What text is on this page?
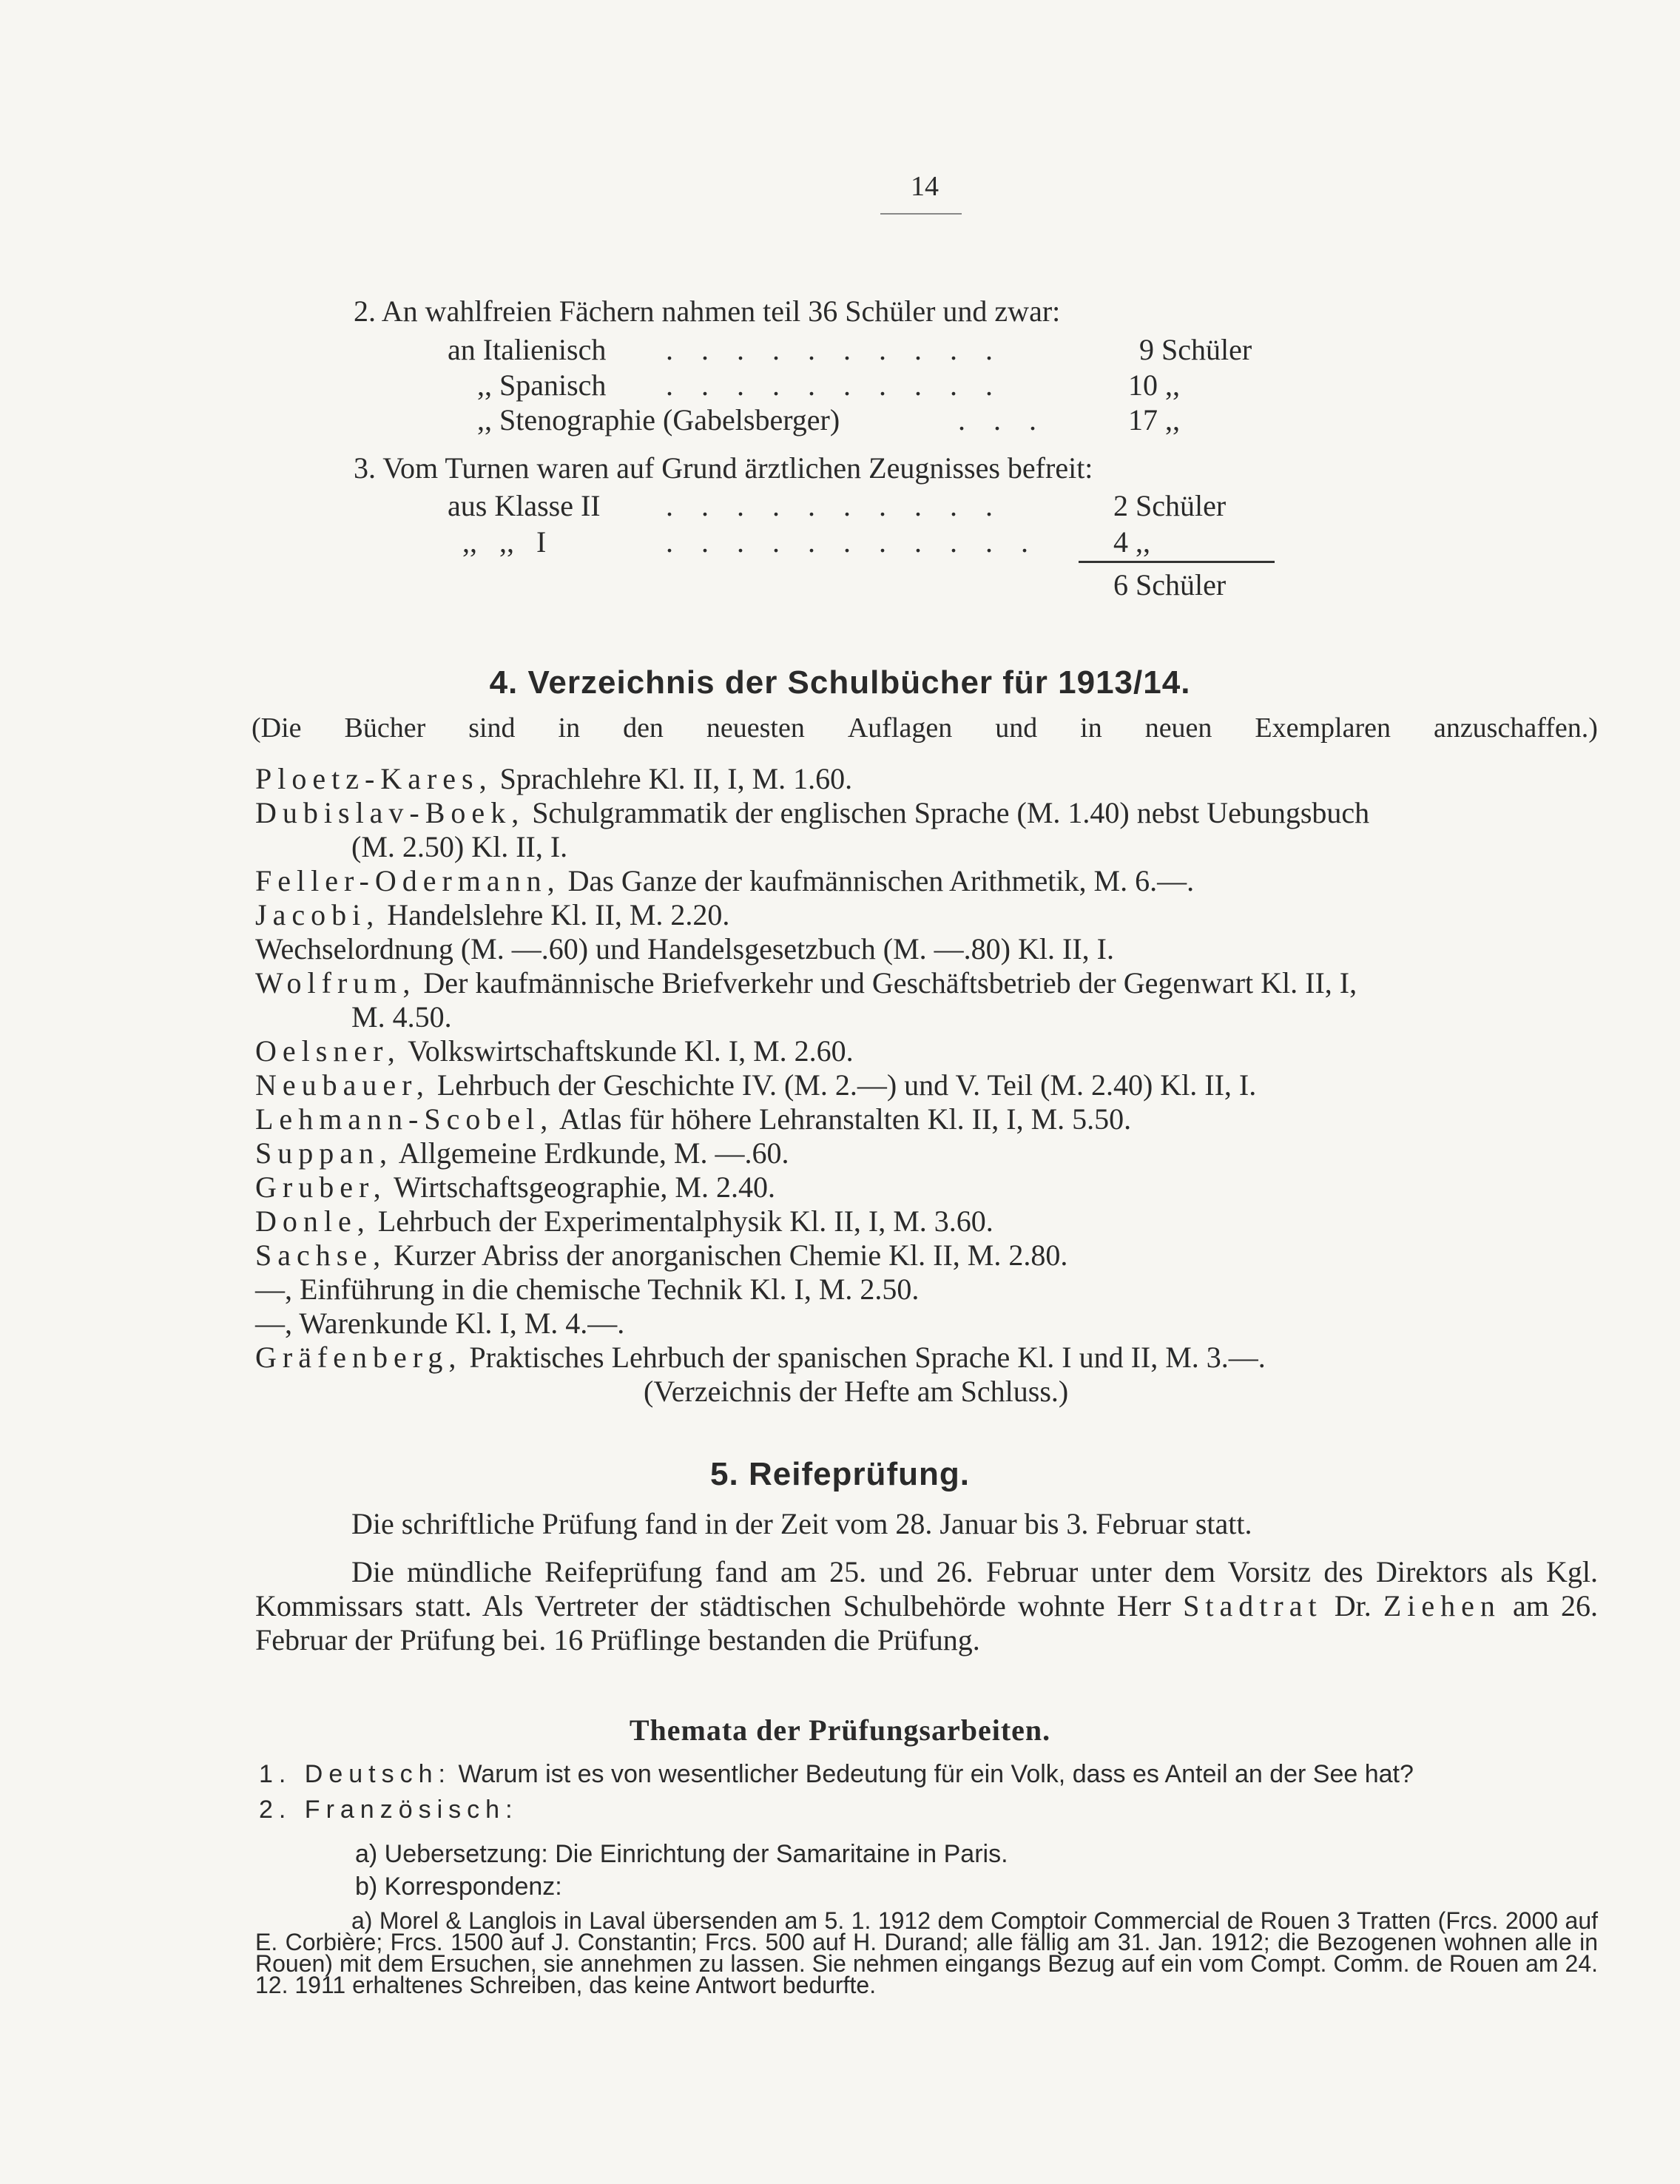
14
2. An wahlfreien Fächern nahmen teil 36 Schüler und zwar:
an Italienisch . . . . . . . . . .	9 Schüler
,, Spanisch . . . . . . . . . .	10 ,,
,, Stenographie (Gabelsberger)	. . .	17 ,,
3. Vom Turnen waren auf Grund ärztlichen Zeugnisses befreit:
aus Klasse II . . . . . . . . . .	2 Schüler
,, ,, I	. . . . . . . . . . .	4 ,,
6 Schüler
4. Verzeichnis der Schulbücher für 1913/14.
(Die Bücher sind in den neuesten Auflagen und in neuen Exemplaren anzuschaffen.)
Ploetz-Kares, Sprachlehre Kl. II, I, M. 1.60.
Dubislav-Boek, Schulgrammatik der englischen Sprache (M. 1.40) nebst Uebungsbuch
(M. 2.50) Kl. II, I.
Feller-Odermann, Das Ganze der kaufmännischen Arithmetik, M. 6.—.
Jacobi, Handelslehre Kl. II, M. 2.20.
Wechselordnung (M. —.60) und Handelsgesetzbuch (M. —.80) Kl. II, I.
Wolfrum, Der kaufmännische Briefverkehr und Geschäftsbetrieb der Gegenwart Kl. II, I,
M. 4.50.
Oelsner, Volkswirtschaftskunde Kl. I, M. 2.60.
Neubauer, Lehrbuch der Geschichte IV. (M. 2.—) und V. Teil (M. 2.40) Kl. II, I.
Lehmann-Scobel, Atlas für höhere Lehranstalten Kl. II, I, M. 5.50.
Suppan, Allgemeine Erdkunde, M. —.60.
Gruber, Wirtschaftsgeographie, M. 2.40.
Donle, Lehrbuch der Experimentalphysik Kl. II, I, M. 3.60.
Sachse, Kurzer Abriss der anorganischen Chemie Kl. II, M. 2.80.
—, Einführung in die chemische Technik Kl. I, M. 2.50.
—, Warenkunde Kl. I, M. 4.—.
Gräfenberg, Praktisches Lehrbuch der spanischen Sprache Kl. I und II, M. 3.—.
(Verzeichnis der Hefte am Schluss.)
5. Reifeprüfung.
Die schriftliche Prüfung fand in der Zeit vom 28. Januar bis 3. Februar statt.
Die mündliche Reifeprüfung fand am 25. und 26. Februar unter dem Vorsitz des Direktors als Kgl. Kommissars statt. Als Vertreter der städtischen Schulbehörde wohnte Herr Stadtrat Dr. Ziehen am 26. Februar der Prüfung bei. 16 Prüflinge bestanden die Prüfung.
Themata der Prüfungsarbeiten.
1. Deutsch: Warum ist es von wesentlicher Bedeutung für ein Volk, dass es Anteil an der See hat?
2. Französisch:
a) Uebersetzung: Die Einrichtung der Samaritaine in Paris.
b) Korrespondenz:
a) Morel & Langlois in Laval übersenden am 5. 1. 1912 dem Comptoir Commercial de Rouen 3 Tratten (Frcs. 2000 auf E. Corbière; Frcs. 1500 auf J. Constantin; Frcs. 500 auf H. Durand; alle fällig am 31. Jan. 1912; die Bezogenen wohnen alle in Rouen) mit dem Ersuchen, sie annehmen zu lassen. Sie nehmen eingangs Bezug auf ein vom Compt. Comm. de Rouen am 24. 12. 1911 erhaltenes Schreiben, das keine Antwort bedurfte.
